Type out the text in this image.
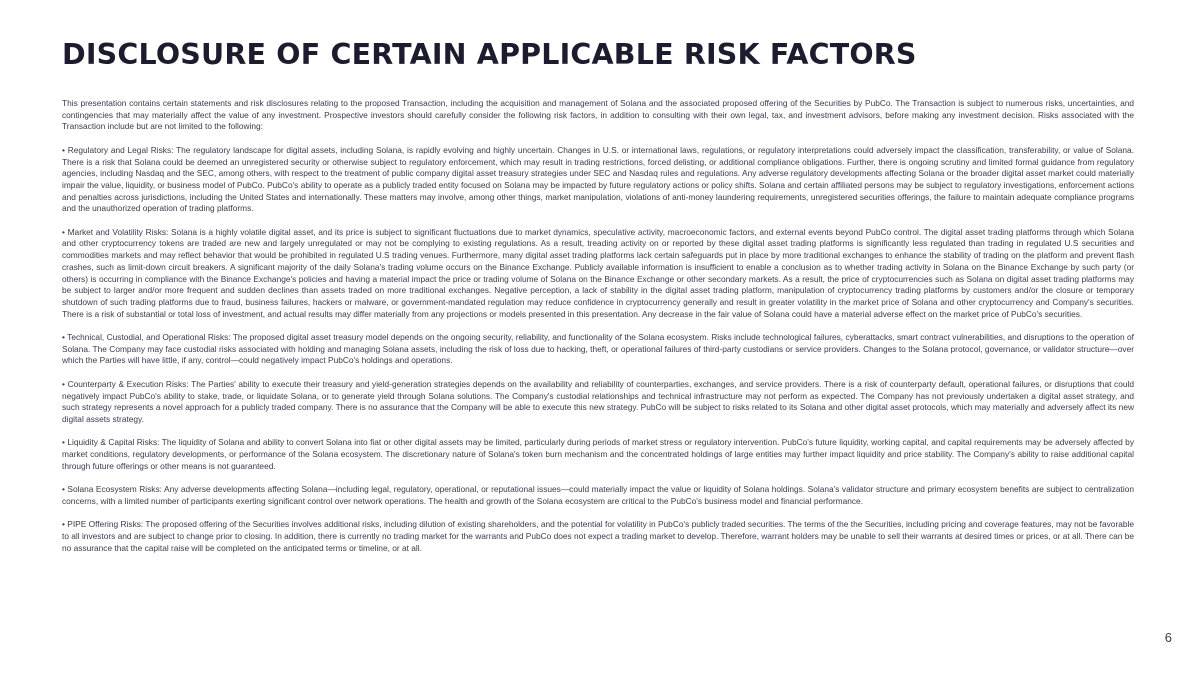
DISCLOSURE OF CERTAIN APPLICABLE RISK FACTORS

This presentation contains certain statements and risk disclosures relating to the proposed Transaction, including the acquisition and management of Solana and the associated proposed offering of the Securities by PubCo. The Transaction is subject to numerous risks, uncertainties, and contingencies that may materially affect the value of any investment. Prospective investors should carefully consider the following risk factors, in addition to consulting with their own legal, tax, and investment advisors, before making any investment decision. Risks associated with the Transaction include but are not limited to the following:

• Regulatory and Legal Risks: The regulatory landscape for digital assets, including Solana, is rapidly evolving and highly uncertain. Changes in U.S. or international laws, regulations, or regulatory interpretations could adversely impact the classification, transferability, or value of Solana. There is a risk that Solana could be deemed an unregistered security or otherwise subject to regulatory enforcement, which may result in trading restrictions, forced delisting, or additional compliance obligations. Further, there is ongoing scrutiny and limited formal guidance from regulatory agencies, including Nasdaq and the SEC, among others, with respect to the treatment of public company digital asset treasury strategies under SEC and Nasdaq rules and regulations. Any adverse regulatory developments affecting Solana or the broader digital asset market could materially impair the value, liquidity, or business model of PubCo. PubCo's ability to operate as a publicly traded entity focused on Solana may be impacted by future regulatory actions or policy shifts. Solana and certain affiliated persons may be subject to regulatory investigations, enforcement actions and penalties across jurisdictions, including the United States and internationally. These matters may involve, among other things, market manipulation, violations of anti-money laundering requirements, unregistered securities offerings, the failure to maintain adequate compliance programs and the unauthorized operation of trading platforms.

• Market and Volatility Risks: Solana is a highly volatile digital asset, and its price is subject to significant fluctuations due to market dynamics, speculative activity, macroeconomic factors, and external events beyond PubCo control. The digital asset trading platforms through which Solana and other cryptocurrency tokens are traded are new and largely unregulated or may not be complying to existing regulations. As a result, treading activity on or reported by these digital asset trading platforms is significantly less regulated than trading in regulated U.S securities and commodities markets and may reflect behavior that would be prohibited in regulated U.S trading venues. Furthermore, many digital asset trading platforms lack certain safeguards put in place by more traditional exchanges to enhance the stability of trading on the platform and prevent flash crashes, such as limit-down circuit breakers. A significant majority of the daily Solana's trading volume occurs on the Binance Exchange. Publicly available information is insufficient to enable a conclusion as to whether trading activity in Solana on the Binance Exchange by such party (or others) is occurring in compliance with the Binance Exchange's policies and having a material impact the price or trading volume of Solana on the Binance Exchange or other secondary markets. As a result, the price of cryptocurrencies such as Solana on digital asset trading platforms may be subject to larger and/or more frequent and sudden declines than assets traded on more traditional exchanges. Negative perception, a lack of stability in the digital asset trading platform, manipulation of cryptocurrency trading platforms by customers and/or the closure or temporary shutdown of such trading platforms due to fraud, business failures, hackers or malware, or government-mandated regulation may reduce confidence in cryptocurrency generally and result in greater volatility in the market price of Solana and other cryptocurrency and Company's securities. There is a risk of substantial or total loss of investment, and actual results may differ materially from any projections or models presented in this presentation. Any decrease in the fair value of Solana could have a material adverse effect on the market price of PubCo's securities.

• Technical, Custodial, and Operational Risks: The proposed digital asset treasury model depends on the ongoing security, reliability, and functionality of the Solana ecosystem. Risks include technological failures, cyberattacks, smart contract vulnerabilities, and disruptions to the operation of Solana. The Company may face custodial risks associated with holding and managing Solana assets, including the risk of loss due to hacking, theft, or operational failures of third-party custodians or service providers. Changes to the Solana protocol, governance, or validator structure—over which the Parties will have little, if any, control—could negatively impact PubCo's holdings and operations.

• Counterparty & Execution Risks: The Parties' ability to execute their treasury and yield-generation strategies depends on the availability and reliability of counterparties, exchanges, and service providers. There is a risk of counterparty default, operational failures, or disruptions that could negatively impact PubCo's ability to stake, trade, or liquidate Solana, or to generate yield through Solana solutions. The Company's custodial relationships and technical infrastructure may not perform as expected. The Company has not previously undertaken a digital asset strategy, and such strategy represents a novel approach for a publicly traded company. There is no assurance that the Company will be able to execute this new strategy. PubCo will be subject to risks related to its Solana and other digital asset protocols, which may materially and adversely affect its new digital assets strategy.

• Liquidity & Capital Risks: The liquidity of Solana and ability to convert Solana into fiat or other digital assets may be limited, particularly during periods of market stress or regulatory intervention. PubCo's future liquidity, working capital, and capital requirements may be adversely affected by market conditions, regulatory developments, or performance of the Solana ecosystem. The discretionary nature of Solana's token burn mechanism and the concentrated holdings of large entities may further impact liquidity and price stability. The Company's ability to raise additional capital through future offerings or other means is not guaranteed.

• Solana Ecosystem Risks: Any adverse developments affecting Solana—including legal, regulatory, operational, or reputational issues—could materially impact the value or liquidity of Solana holdings. Solana's validator structure and primary ecosystem benefits are subject to centralization concerns, with a limited number of participants exerting significant control over network operations. The health and growth of the Solana ecosystem are critical to the PubCo's business model and financial performance.

• PIPE Offering Risks: The proposed offering of the Securities involves additional risks, including dilution of existing shareholders, and the potential for volatility in PubCo's publicly traded securities. The terms of the the Securities, including pricing and coverage features, may not be favorable to all investors and are subject to change prior to closing. In addition, there is currently no trading market for the warrants and PubCo does not expect a trading market to develop. Therefore, warrant holders may be unable to sell their warrants at desired times or prices, or at all. There can be no assurance that the capital raise will be completed on the anticipated terms or timeline, or at all.

6
